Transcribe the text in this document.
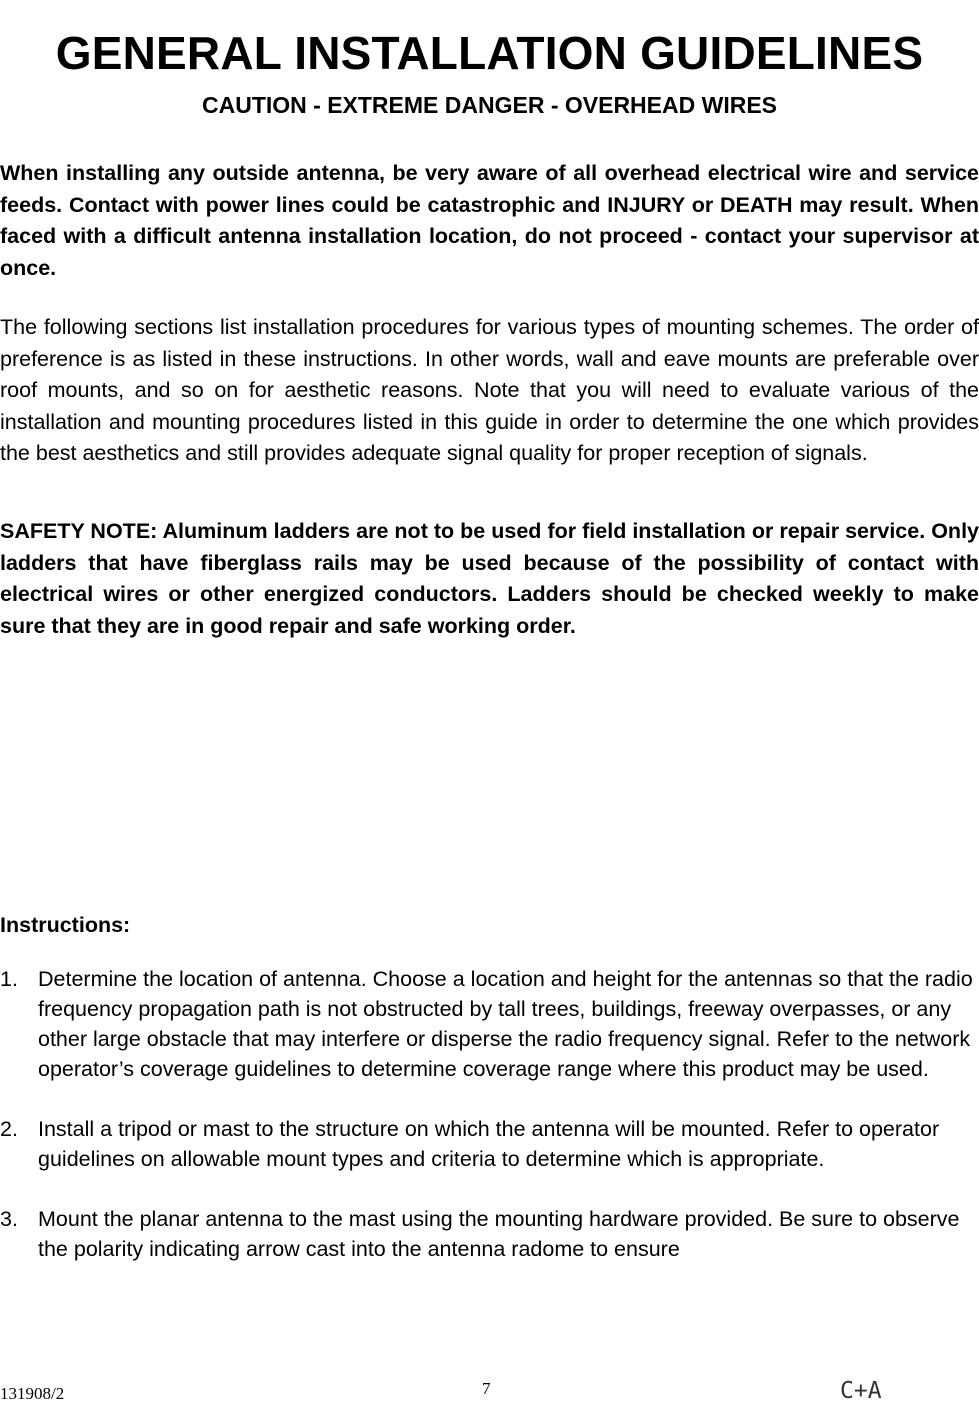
GENERAL INSTALLATION GUIDELINES
CAUTION - EXTREME DANGER - OVERHEAD WIRES

When installing any outside antenna, be very aware of all overhead electrical wire and service feeds. Contact with power lines could be catastrophic and INJURY or DEATH may result. When faced with a difficult antenna installation location, do not proceed - contact your supervisor at once.

The following sections list installation procedures for various types of mounting schemes. The order of preference is as listed in these instructions. In other words, wall and eave mounts are preferable over roof mounts, and so on for aesthetic reasons. Note that you will need to evaluate various of the installation and mounting procedures listed in this guide in order to determine the one which provides the best aesthetics and still provides adequate signal quality for proper reception of signals.

SAFETY NOTE: Aluminum ladders are not to be used for field installation or repair service. Only ladders that have fiberglass rails may be used because of the possibility of contact with electrical wires or other energized conductors. Ladders should be checked weekly to make sure that they are in good repair and safe working order.

Instructions:
1. Determine the location of antenna. Choose a location and height for the antennas so that the radio frequency propagation path is not obstructed by tall trees, buildings, freeway overpasses, or any other large obstacle that may interfere or disperse the radio frequency signal. Refer to the network operator’s coverage guidelines to determine coverage range where this product may be used.
2. Install a tripod or mast to the structure on which the antenna will be mounted. Refer to operator guidelines on allowable mount types and criteria to determine which is appropriate.
3. Mount the planar antenna to the mast using the mounting hardware provided. Be sure to observe the polarity indicating arrow cast into the antenna radome to ensure
131908/2	7	C+A
